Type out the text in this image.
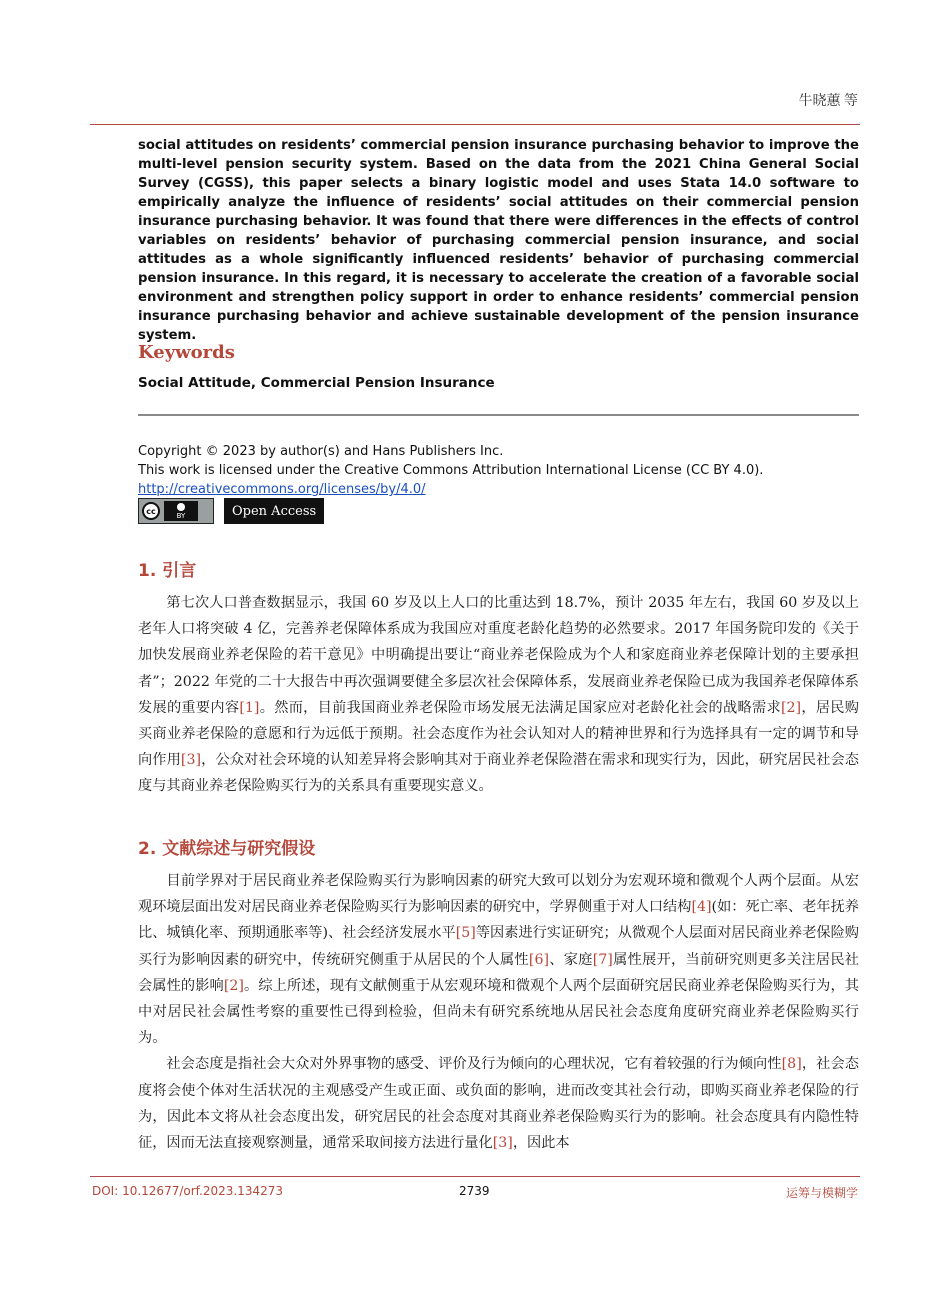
牛晓蕙 等
social attitudes on residents’ commercial pension insurance purchasing behavior to improve the multi-level pension security system. Based on the data from the 2021 China General Social Survey (CGSS), this paper selects a binary logistic model and uses Stata 14.0 software to empirically analyze the influence of residents’ social attitudes on their commercial pension insurance purchasing behavior. It was found that there were differences in the effects of control variables on residents’ behavior of purchasing commercial pension insurance, and social attitudes as a whole significantly influenced residents’ behavior of purchasing commercial pension insurance. In this regard, it is necessary to accelerate the creation of a favorable social environment and strengthen policy support in order to enhance residents’ commercial pension insurance purchasing behavior and achieve sustainable development of the pension insurance system.
Keywords
Social Attitude, Commercial Pension Insurance
Copyright © 2023 by author(s) and Hans Publishers Inc.
This work is licensed under the Creative Commons Attribution International License (CC BY 4.0).
http://creativecommons.org/licenses/by/4.0/
cc	BY	Open Access
1. 引言

第七次人口普查数据显示，我国 60 岁及以上人口的比重达到 18.7%，预计 2035 年左右，我国 60 岁及以上老年人口将突破 4 亿，完善养老保障体系成为我国应对重度老龄化趋势的必然要求。2017 年国务院印发的《关于加快发展商业养老保险的若干意见》中明确提出要让“商业养老保险成为个人和家庭商业养老保障计划的主要承担者”；2022 年党的二十大报告中再次强调要健全多层次社会保障体系，发展商业养老保险已成为我国养老保障体系发展的重要内容[1]。然而，目前我国商业养老保险市场发展无法满足国家应对老龄化社会的战略需求[2]，居民购买商业养老保险的意愿和行为远低于预期。社会态度作为社会认知对人的精神世界和行为选择具有一定的调节和导向作用[3]，公众对社会环境的认知差异将会影响其对于商业养老保险潜在需求和现实行为，因此，研究居民社会态度与其商业养老保险购买行为的关系具有重要现实意义。

2. 文献综述与研究假设

目前学界对于居民商业养老保险购买行为影响因素的研究大致可以划分为宏观环境和微观个人两个层面。从宏观环境层面出发对居民商业养老保险购买行为影响因素的研究中，学界侧重于对人口结构[4](如：死亡率、老年抚养比、城镇化率、预期通胀率等)、社会经济发展水平[5]等因素进行实证研究；从微观个人层面对居民商业养老保险购买行为影响因素的研究中，传统研究侧重于从居民的个人属性[6]、家庭[7]属性展开，当前研究则更多关注居民社会属性的影响[2]。综上所述，现有文献侧重于从宏观环境和微观个人两个层面研究居民商业养老保险购买行为，其中对居民社会属性考察的重要性已得到检验，但尚未有研究系统地从居民社会态度角度研究商业养老保险购买行为。

社会态度是指社会大众对外界事物的感受、评价及行为倾向的心理状况，它有着较强的行为倾向性[8]，社会态度将会使个体对生活状况的主观感受产生或正面、或负面的影响，进而改变其社会行动，即购买商业养老保险的行为，因此本文将从社会态度出发，研究居民的社会态度对其商业养老保险购买行为的影响。社会态度具有内隐性特征，因而无法直接观察测量，通常采取间接方法进行量化[3]，因此本

DOI: 10.12677/orf.2023.134273	2739	运筹与模糊学
